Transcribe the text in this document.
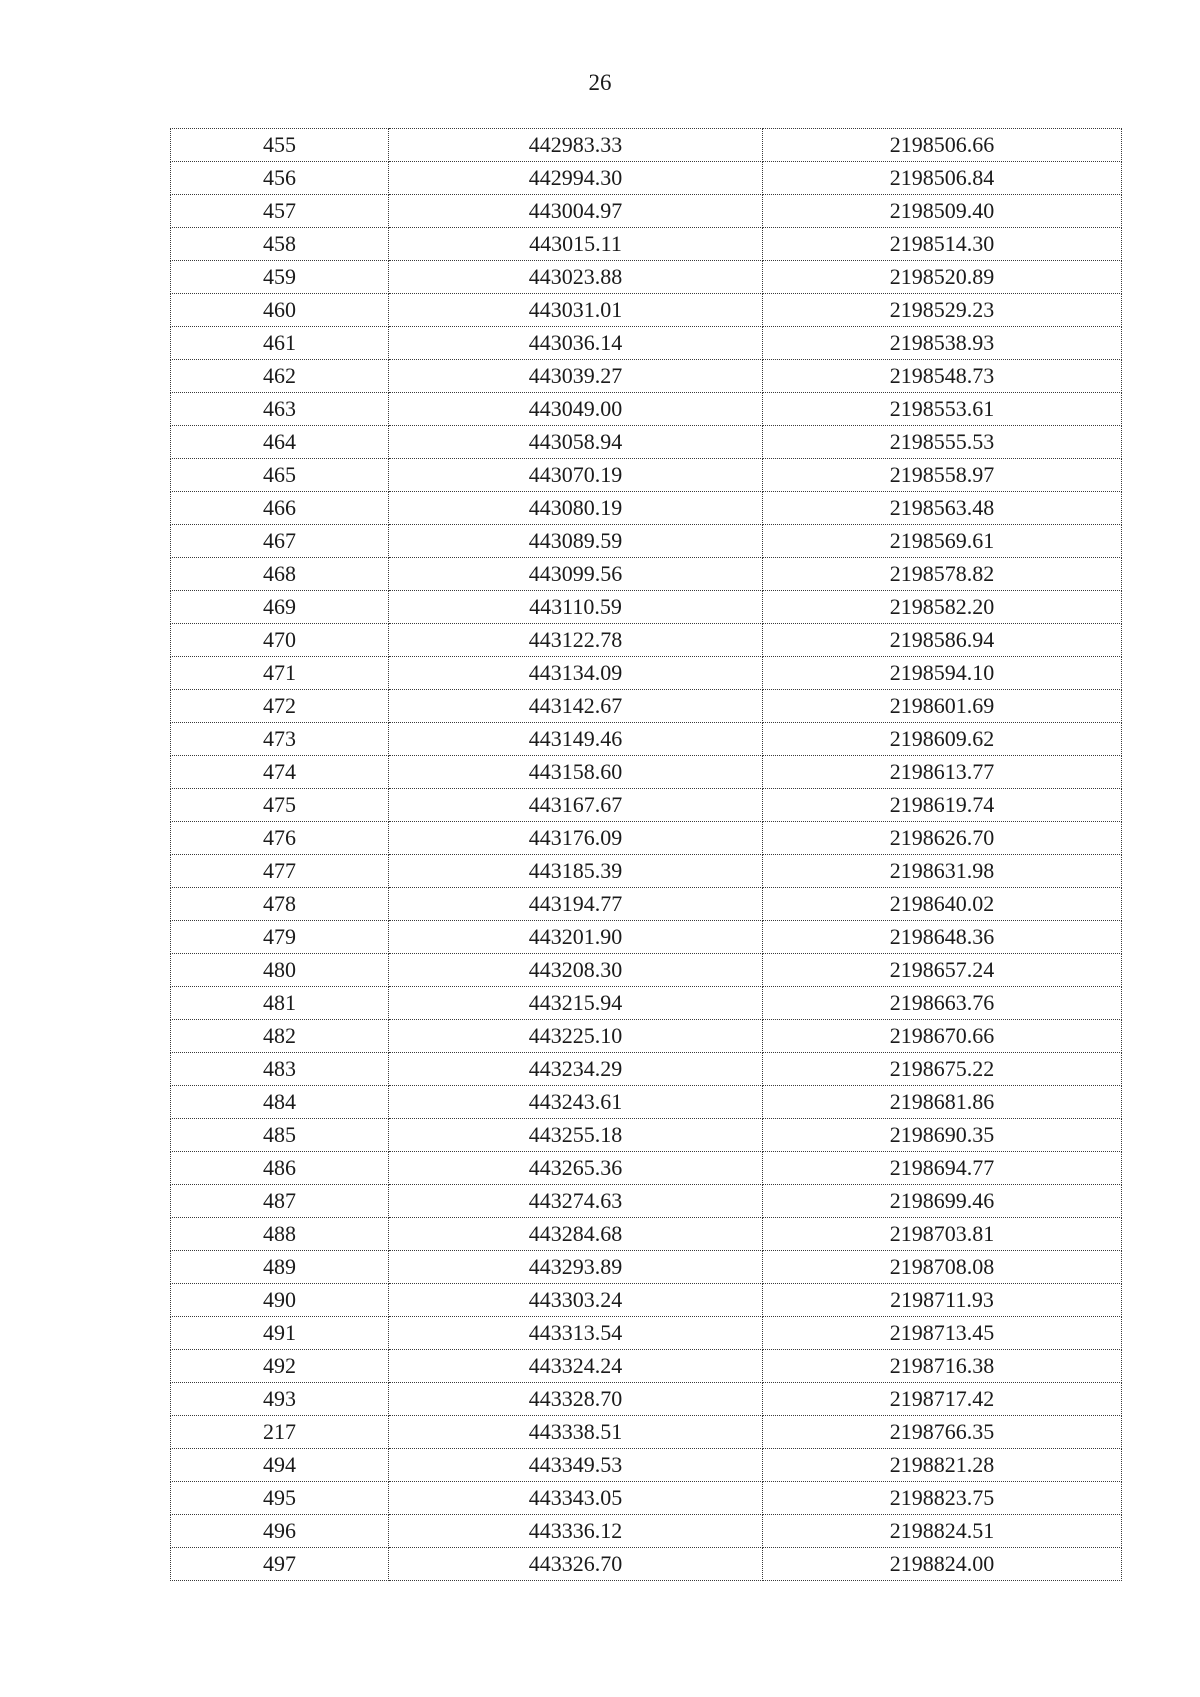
26
455	442983.33	2198506.66
456	442994.30	2198506.84
457	443004.97	2198509.40
458	443015.11	2198514.30
459	443023.88	2198520.89
460	443031.01	2198529.23
461	443036.14	2198538.93
462	443039.27	2198548.73
463	443049.00	2198553.61
464	443058.94	2198555.53
465	443070.19	2198558.97
466	443080.19	2198563.48
467	443089.59	2198569.61
468	443099.56	2198578.82
469	443110.59	2198582.20
470	443122.78	2198586.94
471	443134.09	2198594.10
472	443142.67	2198601.69
473	443149.46	2198609.62
474	443158.60	2198613.77
475	443167.67	2198619.74
476	443176.09	2198626.70
477	443185.39	2198631.98
478	443194.77	2198640.02
479	443201.90	2198648.36
480	443208.30	2198657.24
481	443215.94	2198663.76
482	443225.10	2198670.66
483	443234.29	2198675.22
484	443243.61	2198681.86
485	443255.18	2198690.35
486	443265.36	2198694.77
487	443274.63	2198699.46
488	443284.68	2198703.81
489	443293.89	2198708.08
490	443303.24	2198711.93
491	443313.54	2198713.45
492	443324.24	2198716.38
493	443328.70	2198717.42
217	443338.51	2198766.35
494	443349.53	2198821.28
495	443343.05	2198823.75
496	443336.12	2198824.51
497	443326.70	2198824.00
